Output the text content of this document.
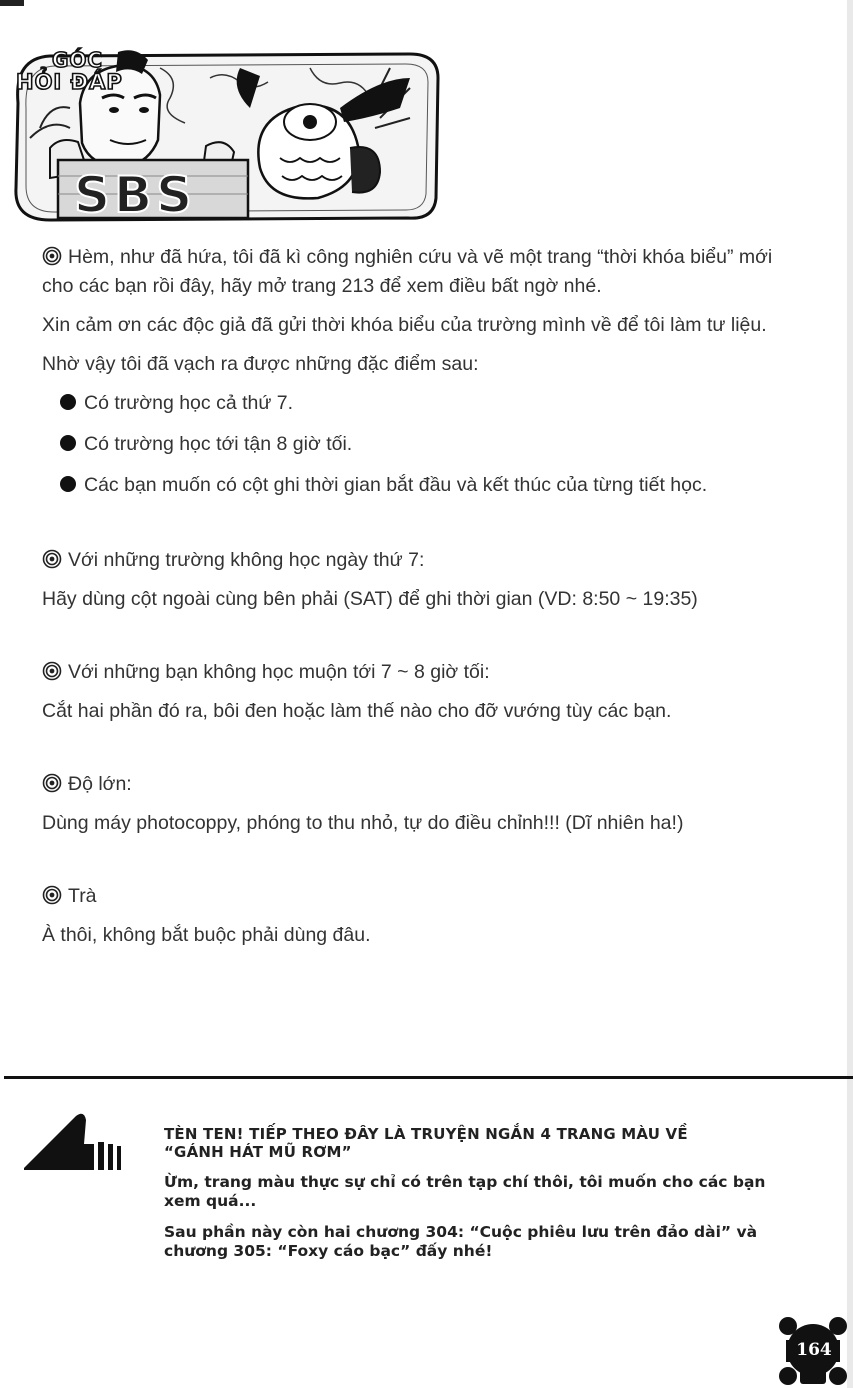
SBS
GÓC
HỎI ĐÁP

Hèm, như đã hứa, tôi đã kì công nghiên cứu và vẽ một trang “thời khóa biểu” mới cho các bạn rồi đây, hãy mở trang 213 để xem điều bất ngờ nhé.

Xin cảm ơn các độc giả đã gửi thời khóa biểu của trường mình về để tôi làm tư liệu.

Nhờ vậy tôi đã vạch ra được những đặc điểm sau:

Có trường học cả thứ 7.
Có trường học tới tận 8 giờ tối.
Các bạn muốn có cột ghi thời gian bắt đầu và kết thúc của từng tiết học.

Với những trường không học ngày thứ 7:

Hãy dùng cột ngoài cùng bên phải (SAT) để ghi thời gian (VD: 8:50 ~ 19:35)

Với những bạn không học muộn tới 7 ~ 8 giờ tối:

Cắt hai phần đó ra, bôi đen hoặc làm thế nào cho đỡ vướng tùy các bạn.

Độ lớn:

Dùng máy photocoppy, phóng to thu nhỏ, tự do điều chỉnh!!! (Dĩ nhiên ha!)

Trà

À thôi, không bắt buộc phải dùng đâu.

TÈN TEN! TIẾP THEO ĐÂY LÀ TRUYỆN NGẮN 4 TRANG MÀU VỀ
“GÁNH HÁT MŨ RƠM”
Ừm, trang màu thực sự chỉ có trên tạp chí thôi, tôi muốn cho các bạn xem quá...
Sau phần này còn hai chương 304: “Cuộc phiêu lưu trên đảo dài” và chương 305: “Foxy cáo bạc” đấy nhé!
164
